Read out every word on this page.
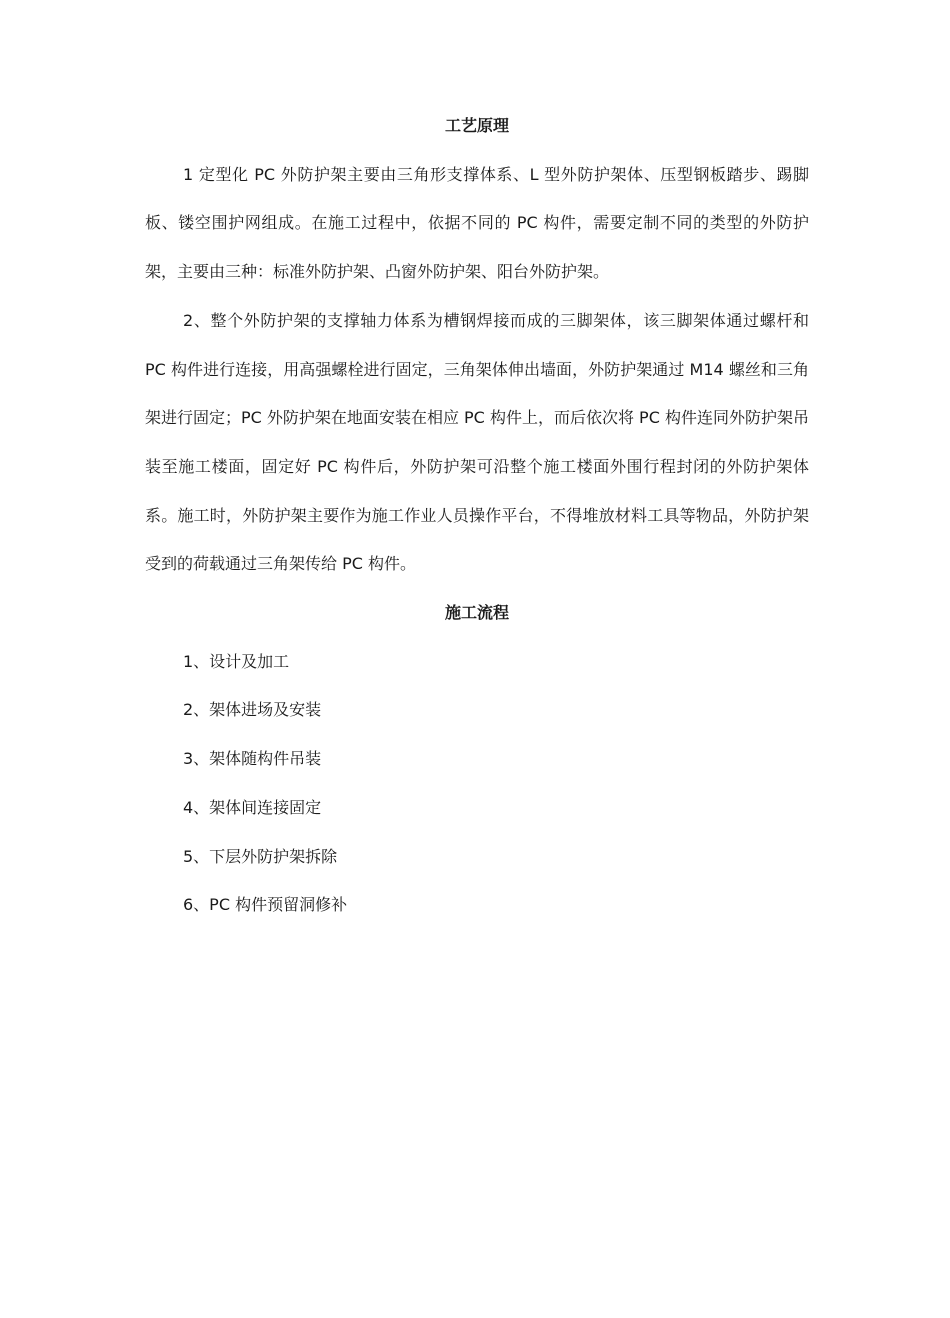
工艺原理

1 定型化 PC 外防护架主要由三角形支撑体系、L 型外防护架体、压型钢板踏步、踢脚板、镂空围护网组成。在施工过程中，依据不同的 PC 构件，需要定制不同的类型的外防护架，主要由三种：标准外防护架、凸窗外防护架、阳台外防护架。

2、整个外防护架的支撑轴力体系为槽钢焊接而成的三脚架体，该三脚架体通过螺杆和 PC 构件进行连接，用高强螺栓进行固定，三角架体伸出墙面，外防护架通过 M14 螺丝和三角架进行固定；PC 外防护架在地面安装在相应 PC 构件上，而后依次将 PC 构件连同外防护架吊装至施工楼面，固定好 PC 构件后，外防护架可沿整个施工楼面外围行程封闭的外防护架体系。施工时，外防护架主要作为施工作业人员操作平台，不得堆放材料工具等物品，外防护架受到的荷载通过三角架传给 PC 构件。

施工流程
1、设计及加工
2、架体进场及安装
3、架体随构件吊装
4、架体间连接固定
5、下层外防护架拆除
6、PC 构件预留洞修补
